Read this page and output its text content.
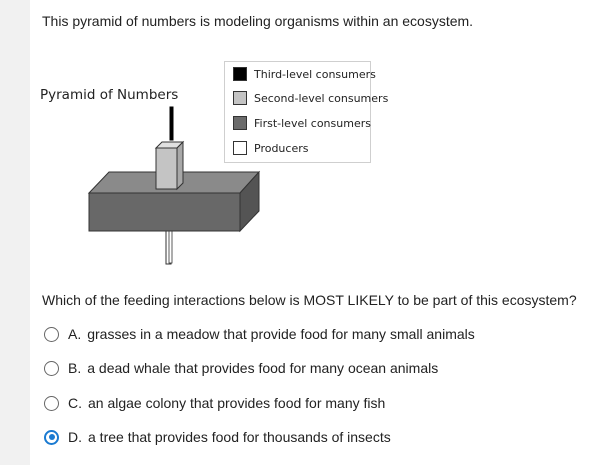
This pyramid of numbers is modeling organisms within an ecosystem.
Pyramid of Numbers
Third-level consumers
Second-level consumers
First-level consumers
Producers
Which of the feeding interactions below is MOST LIKELY to be part of this ecosystem?
A. grasses in a meadow that provide food for many small animals
B. a dead whale that provides food for many ocean animals
C. an algae colony that provides food for many fish
D. a tree that provides food for thousands of insects
